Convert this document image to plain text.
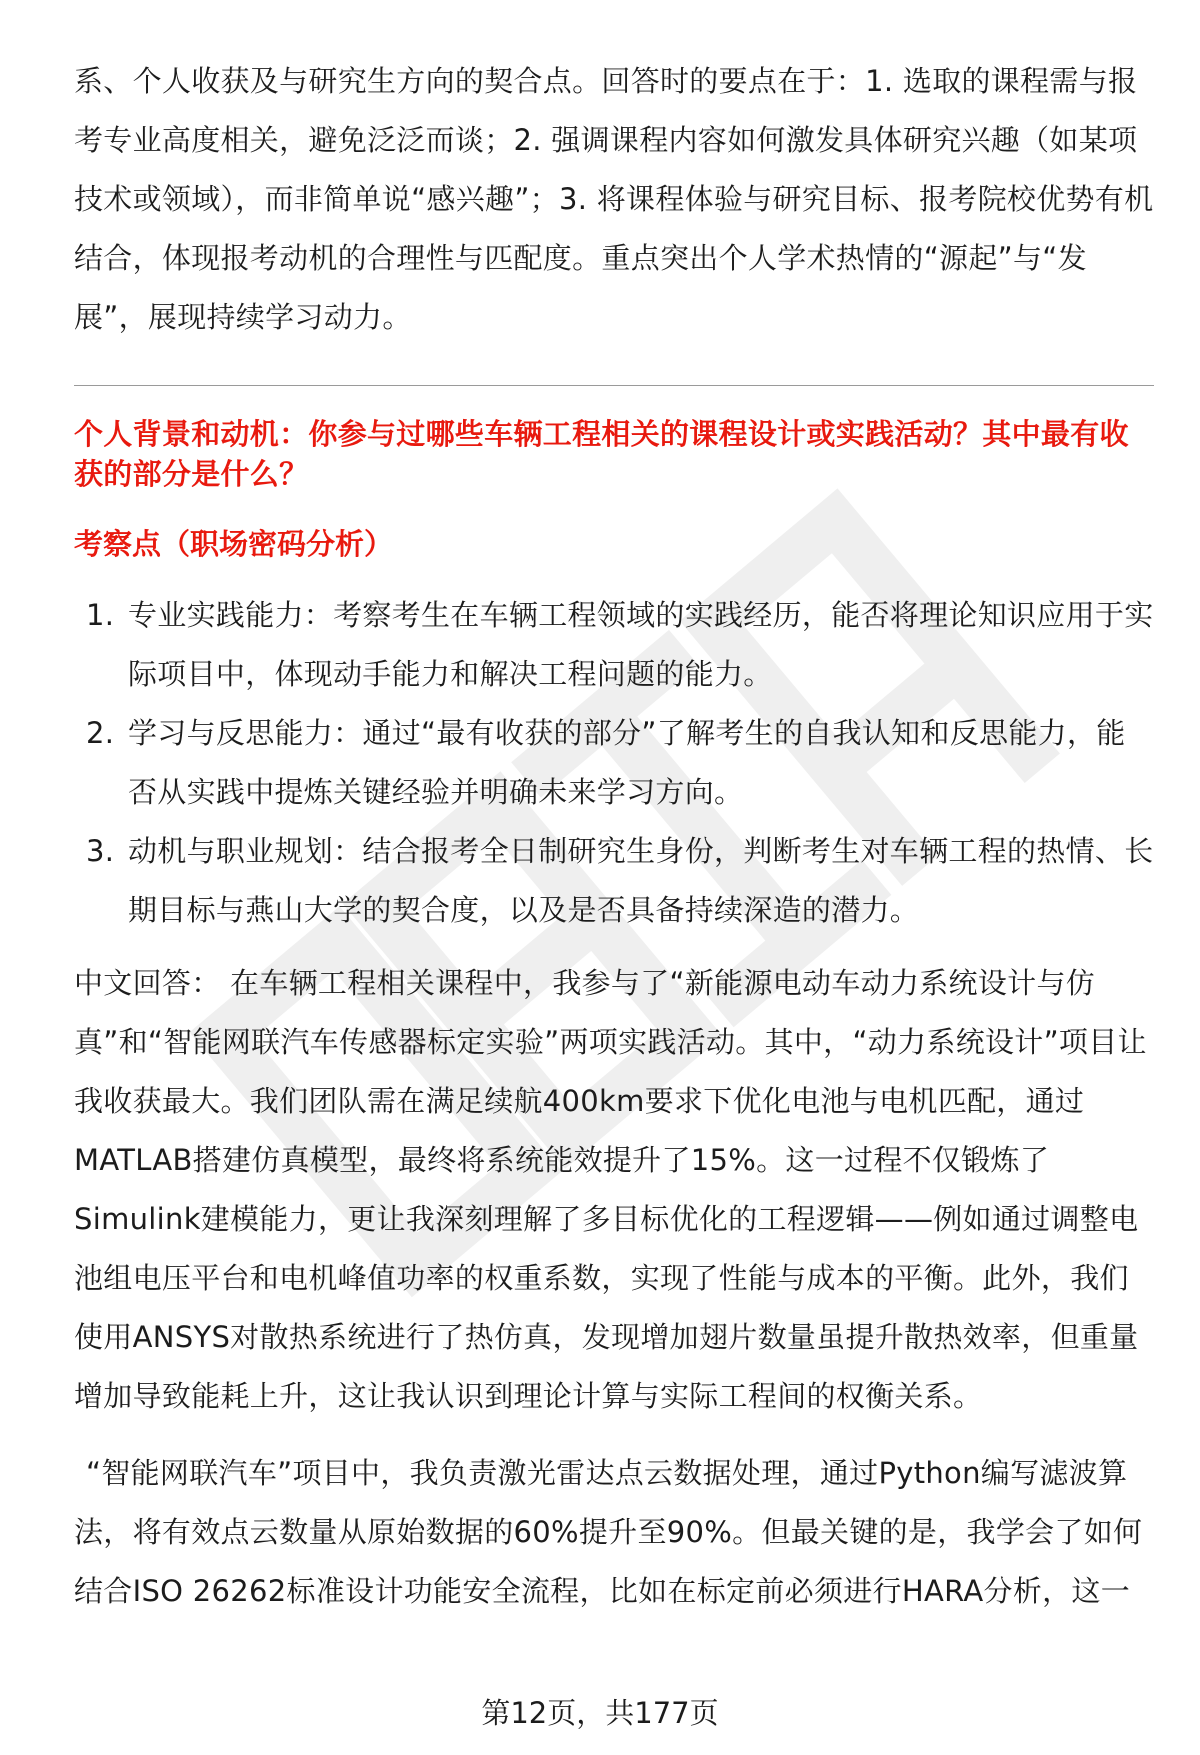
系、个人收获及与研究生方向的契合点。回答时的要点在于：1. 选取的课程需与报考专业高度相关，避免泛泛而谈；2. 强调课程内容如何激发具体研究兴趣（如某项技术或领域），而非简单说“感兴趣”；3. 将课程体验与研究目标、报考院校优势有机结合，体现报考动机的合理性与匹配度。重点突出个人学术热情的“源起”与“发展”，展现持续学习动力。

个人背景和动机：你参与过哪些车辆工程相关的课程设计或实践活动？其中最有收获的部分是什么？

考察点（职场密码分析）

1. 专业实践能力：考察考生在车辆工程领域的实践经历，能否将理论知识应用于实际项目中，体现动手能力和解决工程问题的能力。
2. 学习与反思能力：通过“最有收获的部分”了解考生的自我认知和反思能力，能否从实践中提炼关键经验并明确未来学习方向。
3. 动机与职业规划：结合报考全日制研究生身份，判断考生对车辆工程的热情、长期目标与燕山大学的契合度，以及是否具备持续深造的潜力。

中文回答： 在车辆工程相关课程中，我参与了“新能源电动车动力系统设计与仿真”和“智能网联汽车传感器标定实验”两项实践活动。其中，“动力系统设计”项目让我收获最大。我们团队需在满足续航400km要求下优化电池与电机匹配，通过MATLAB搭建仿真模型，最终将系统能效提升了15%。这一过程不仅锻炼了Simulink建模能力，更让我深刻理解了多目标优化的工程逻辑——例如通过调整电池组电压平台和电机峰值功率的权重系数，实现了性能与成本的平衡。此外，我们使用ANSYS对散热系统进行了热仿真，发现增加翅片数量虽提升散热效率，但重量增加导致能耗上升，这让我认识到理论计算与实际工程间的权衡关系。

“智能网联汽车”项目中，我负责激光雷达点云数据处理，通过Python编写滤波算法，将有效点云数量从原始数据的60%提升至90%。但最关键的是，我学会了如何结合ISO 26262标准设计功能安全流程，比如在标定前必须进行HARA分析，这一

第12页，共177页
